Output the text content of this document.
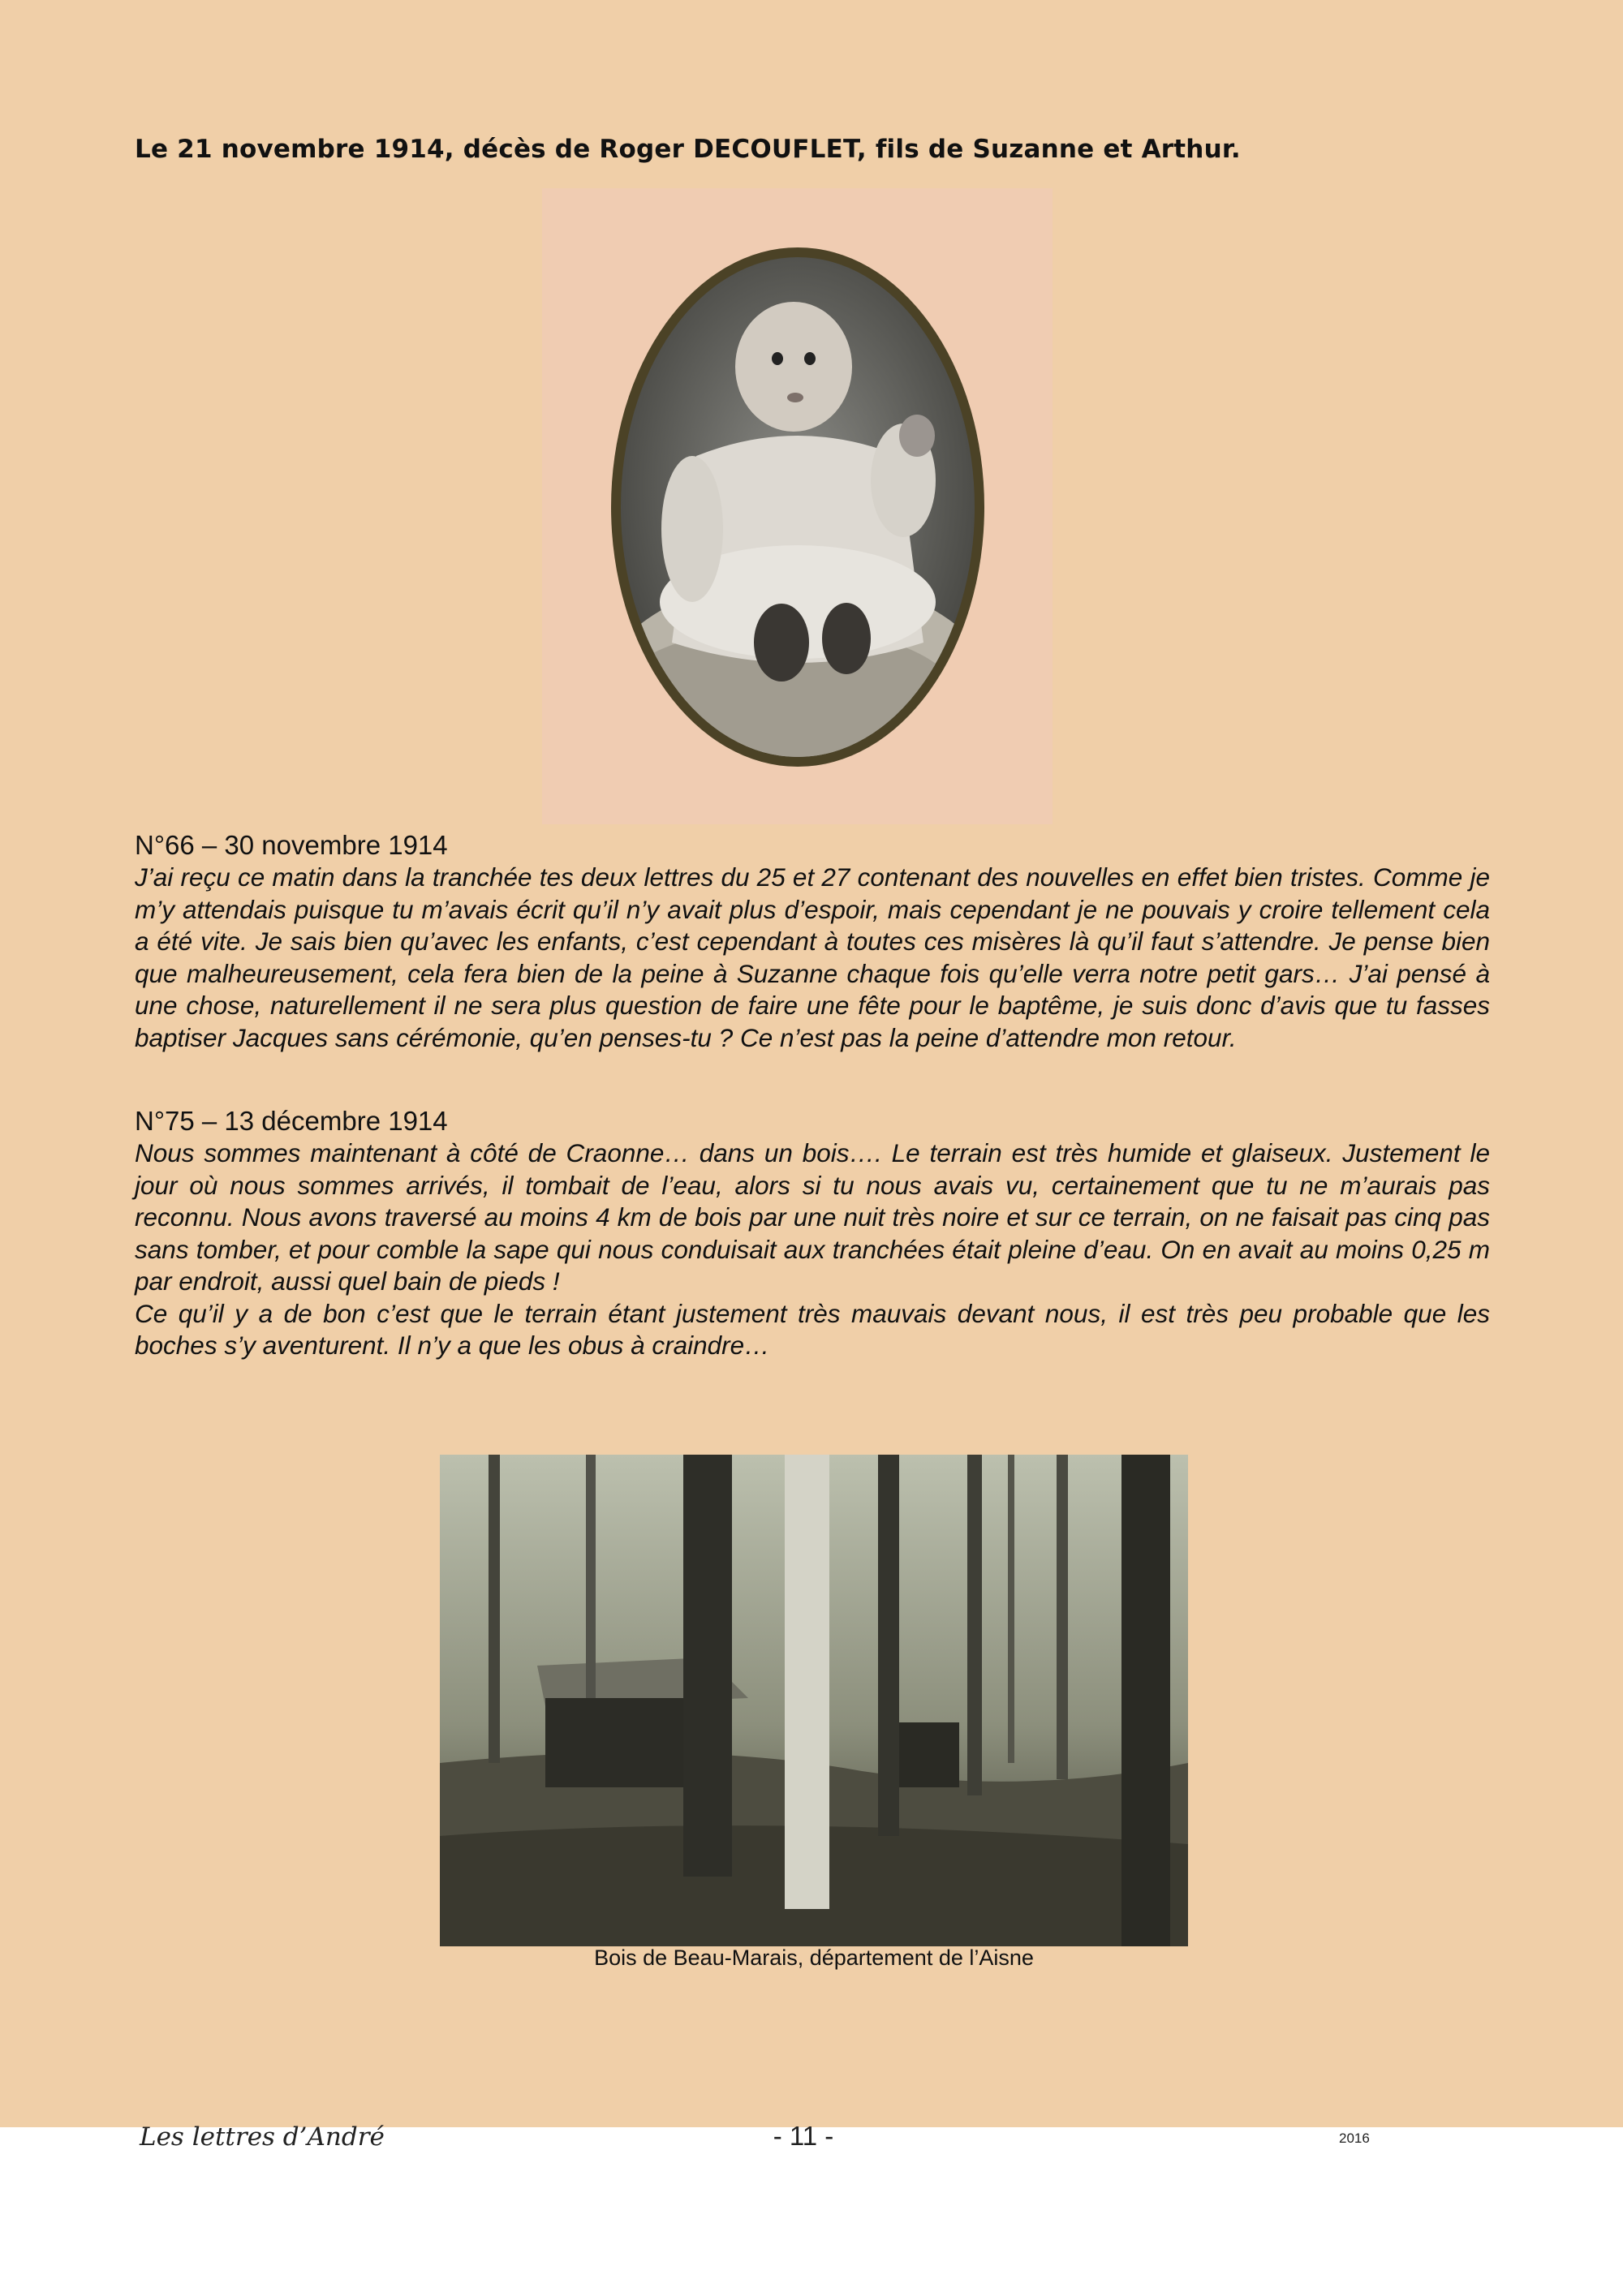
Le 21 novembre 1914, décès de Roger DECOUFLET, fils de Suzanne et Arthur.
N°66 – 30 novembre 1914

J’ai reçu ce matin dans la tranchée tes deux lettres du 25 et 27 contenant des nouvelles en effet bien tristes. Comme je m’y attendais puisque tu m’avais écrit qu’il n’y avait plus d’espoir, mais cependant je ne pouvais y croire tellement cela a été vite. Je sais bien qu’avec les enfants, c’est cependant à toutes ces misères là qu’il faut s’attendre. Je pense bien que malheureusement, cela fera bien de la peine à Suzanne chaque fois qu’elle verra notre petit gars… J’ai pensé à une chose, naturellement il ne sera plus question de faire une fête pour le baptême, je suis donc d’avis que tu fasses baptiser Jacques sans cérémonie, qu’en penses-tu ? Ce n’est pas la peine d’attendre mon retour.

N°75 – 13 décembre 1914

Nous sommes maintenant à côté de Craonne… dans un bois…. Le terrain est très humide et glaiseux. Justement le jour où nous sommes arrivés, il tombait de l’eau, alors si tu nous avais vu, certainement que tu ne m’aurais pas reconnu. Nous avons traversé au moins 4 km de bois par une nuit très noire et sur ce terrain, on ne faisait pas cinq pas sans tomber, et pour comble la sape qui nous conduisait aux tranchées était pleine d’eau. On en avait au moins 0,25 m par endroit, aussi quel bain de pieds !

Ce qu’il y a de bon c’est que le terrain étant justement très mauvais devant nous, il est très peu probable que les boches s’y aventurent. Il n’y a que les obus à craindre…

Bois de Beau-Marais, département de l’Aisne
Les lettres d’André	- 11 -	2016
